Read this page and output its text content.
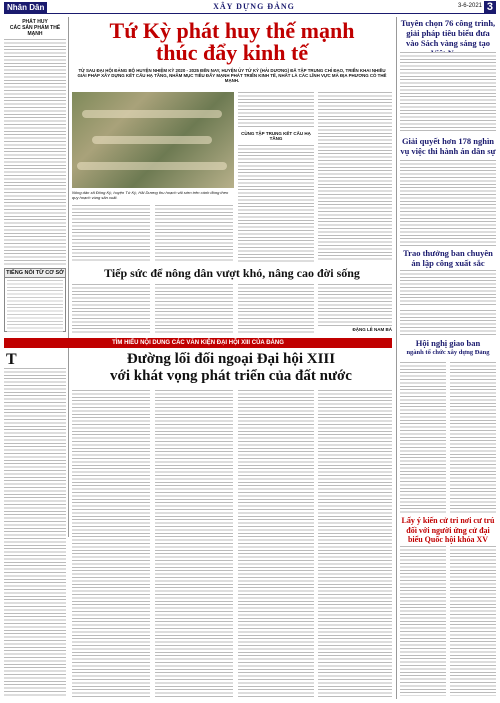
Nhân Dân	XÂY DỰNG ĐẢNG	3-6-2021 3
PHÁT HUY
CÁC SẢN PHẨM THẾ MẠNH	Tứ Kỳ phát huy thế mạnh
thúc đẩy kinh tế
TỪ SAU ĐẠI HỘI ĐẢNG BỘ HUYỆN NHIỆM KỲ 2020 - 2025 ĐẾN NAY, HUYỆN ỦY TỨ KỲ (HẢI DƯƠNG) ĐÃ TẬP TRUNG CHỈ ĐẠO, TRIỂN KHAI NHIỀU GIẢI PHÁP XÂY DỰNG KẾT CẤU HẠ TẦNG, NHÂM MỤC TIÊU ĐẨY MẠNH PHÁT TRIỂN KINH TẾ, NHẤT LÀ CÁC LĨNH VỰC MÀ ĐỊA PHƯƠNG CÓ THẾ MẠNH.
Nông dân xã Đông Kỳ, huyện Tứ Kỳ, Hải Dương thu hoạch vải sớm trên cánh đồng theo quy hoạch vùng sản xuất.
CÙNG TẬP TRUNG KẾT CẤU HẠ TẦNG
TIẾNG NÓI TỪ CƠ SỞ	Tiếp sức để nông dân vượt khó, nâng cao đời sống
ĐẶNG LÊ NAM BÁ
TÌM HIỂU NỘI DUNG CÁC VĂN KIỆN ĐẠI HỘI XIII CỦA ĐẢNG
Đường lối đối ngoại Đại hội XIII
với khát vọng phát triển của đất nước
T
Tuyên chọn 76 công trình, giải pháp tiêu biểu đưa vào Sách vàng sáng tạo
Giải quyết hơn 178 nghìn vụ việc thi hành án dân sự
Trao thưởng ban chuyên án lập công xuất sắc
Hội nghị giao ban
ngành tổ chức xây dựng Đảng
Lấy ý kiến cử tri nơi cư trú đối với người ứng cử đại biểu Quốc hội khóa XV
